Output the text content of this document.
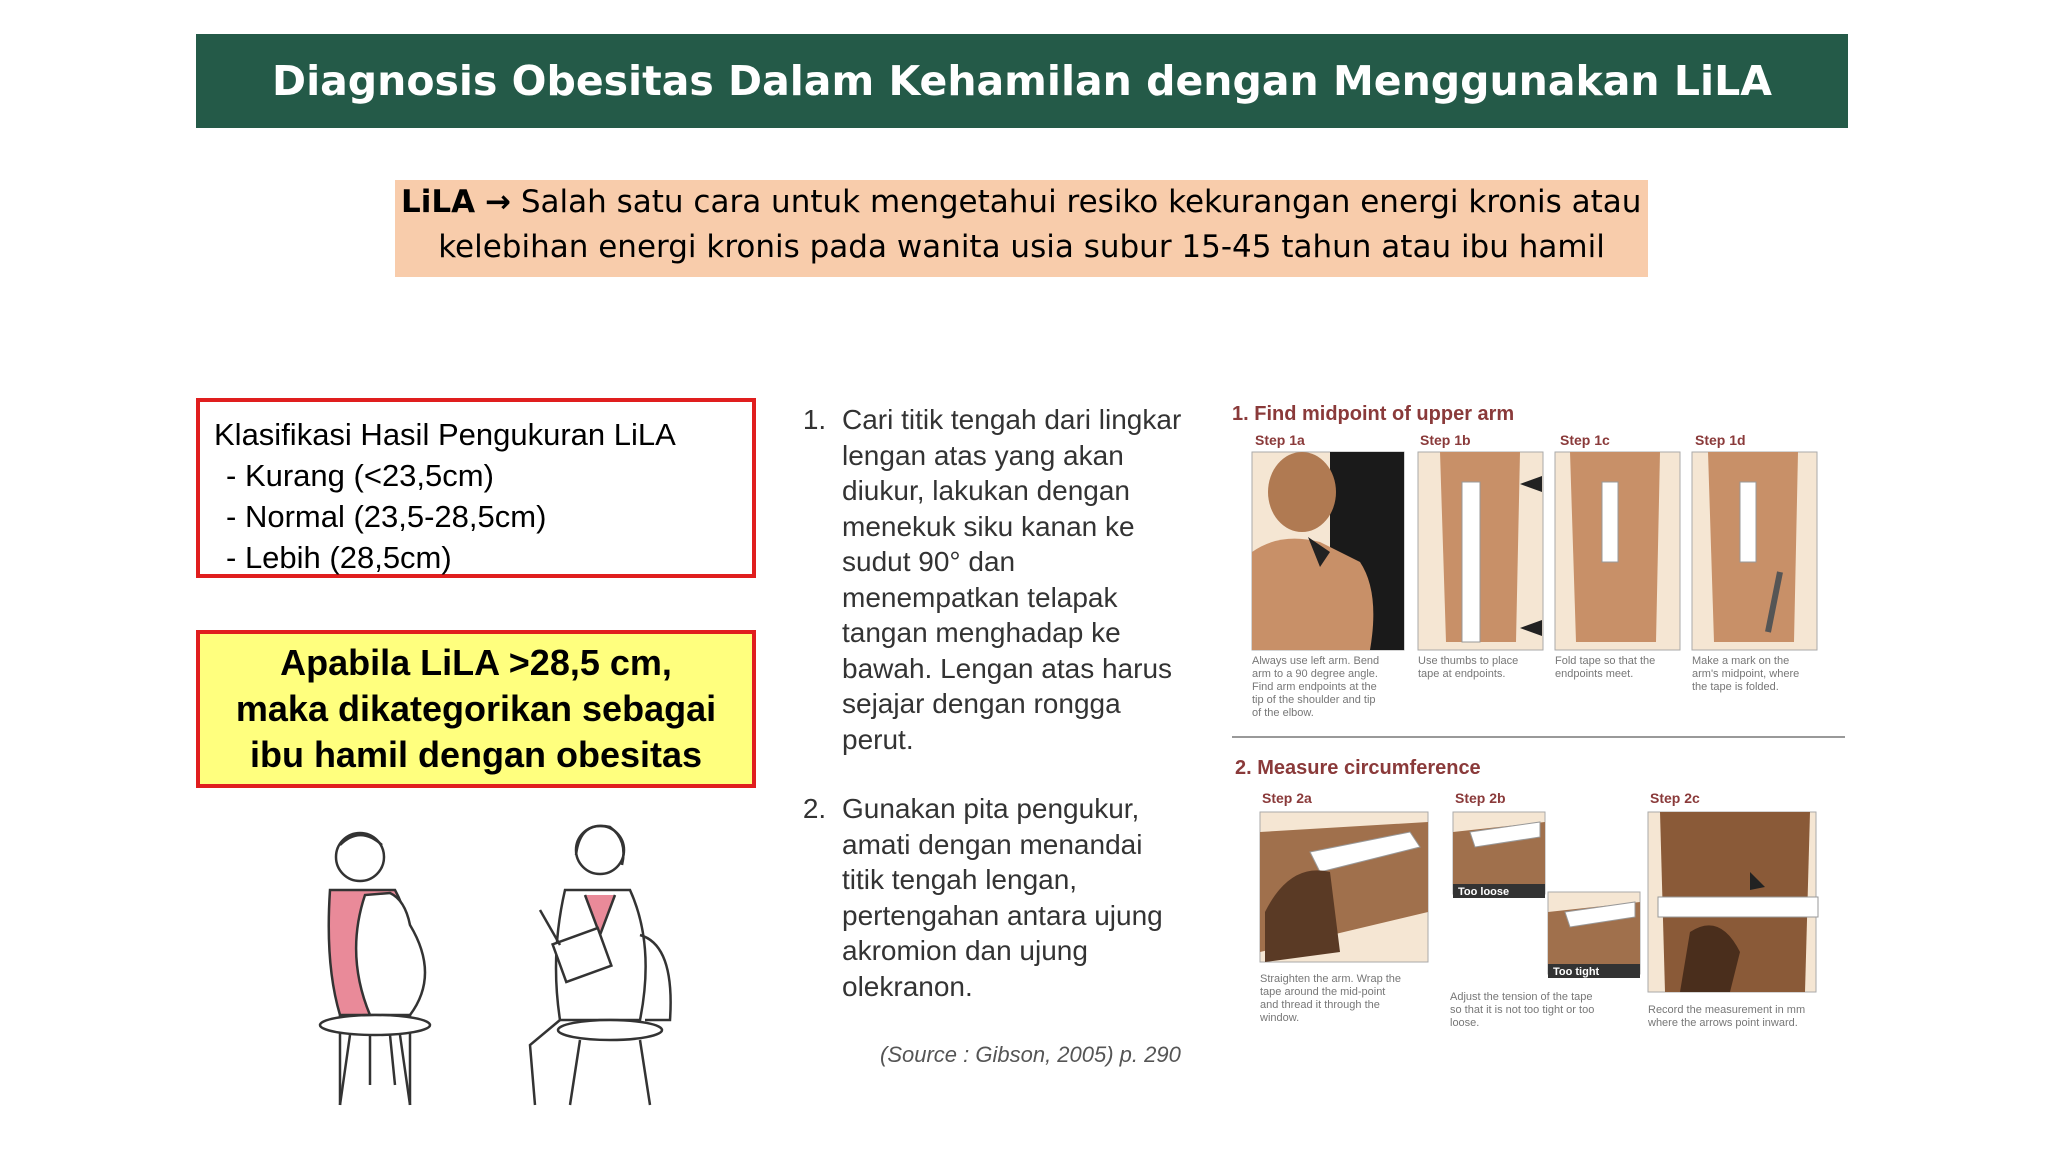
Diagnosis Obesitas Dalam Kehamilan dengan Menggunakan LiLA
LiLA → Salah satu cara untuk mengetahui resiko kekurangan energi kronis atau
kelebihan energi kronis pada wanita usia subur 15-45 tahun atau ibu hamil
Klasifikasi Hasil Pengukuran LiLA
- Kurang (<23,5cm)
- Normal (23,5-28,5cm)
- Lebih (28,5cm)
Apabila LiLA >28,5 cm,
maka dikategorikan sebagai
ibu hamil dengan obesitas
1. Cari titik tengah dari lingkar lengan atas yang akan diukur, lakukan dengan menekuk siku kanan ke sudut 90° dan menempatkan telapak tangan menghadap ke bawah. Lengan atas harus sejajar dengan rongga perut.
2. Gunakan pita pengukur, amati dengan menandai titik tengah lengan, pertengahan antara ujung akromion dan ujung olekranon.
(Source : Gibson, 2005) p. 290
1. Find midpoint of upper arm
Step 1a	Step 1b	Step 1c	Step 1d
Always use left arm. Bend
arm to a 90 degree angle.
Find arm endpoints at the
tip of the shoulder and tip
of the elbow.
Use thumbs to place
tape at endpoints.
Fold tape so that the
endpoints meet.
Make a mark on the
arm's midpoint, where
the tape is folded.
2. Measure circumference
Step 2a	Step 2b	Step 2c
Too loose
Too tight
Straighten the arm. Wrap the
tape around the mid-point
and thread it through the
window.
Adjust the tension of the tape
so that it is not too tight or too
loose.
Record the measurement in mm
where the arrows point inward.
